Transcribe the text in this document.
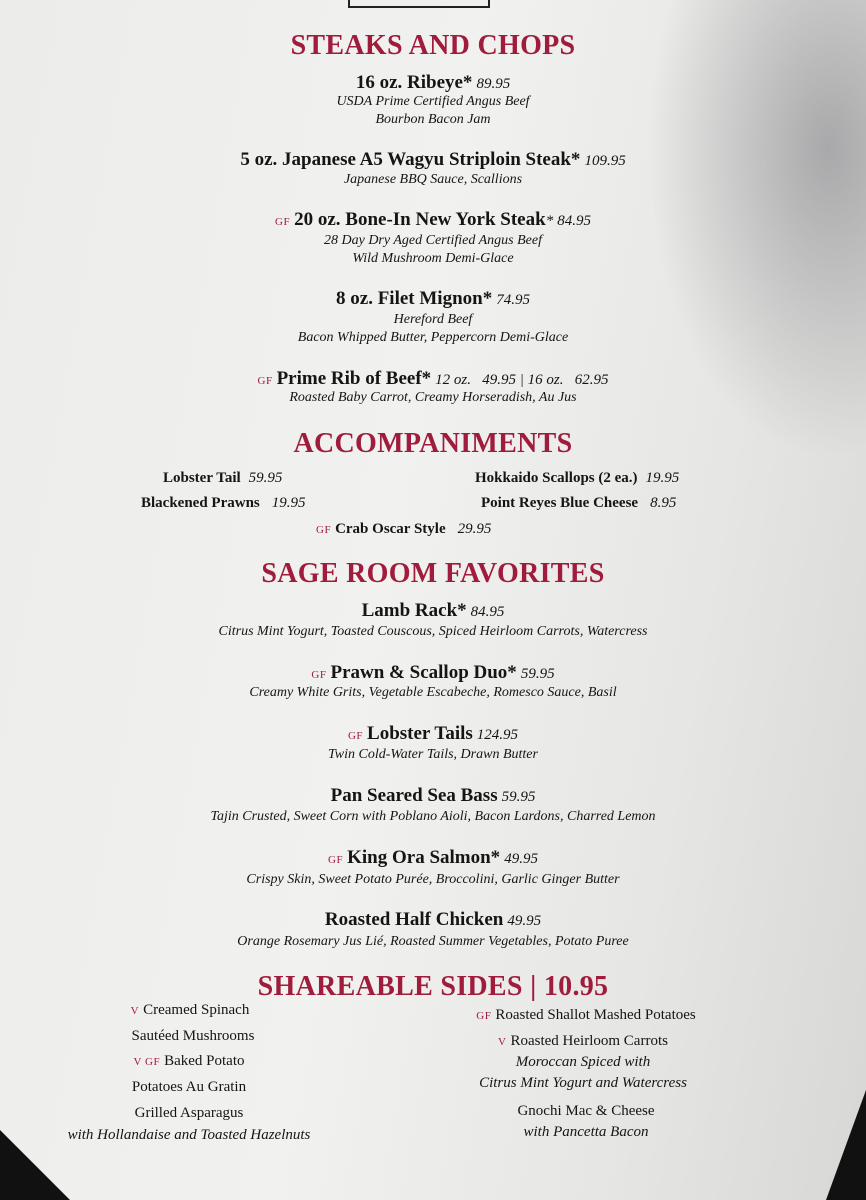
STEAKS AND CHOPS
16 oz. Ribeye* 89.95
USDA Prime Certified Angus Beef
Bourbon Bacon Jam
5 oz. Japanese A5 Wagyu Striploin Steak* 109.95
Japanese BBQ Sauce, Scallions
GF 20 oz. Bone-In New York Steak* 84.95
28 Day Dry Aged Certified Angus Beef
Wild Mushroom Demi-Glace
8 oz. Filet Mignon* 74.95
Hereford Beef
Bacon Whipped Butter, Peppercorn Demi-Glace
GF Prime Rib of Beef* 12 oz.   49.95 | 16 oz.   62.95
Roasted Baby Carrot, Creamy Horseradish, Au Jus
ACCOMPANIMENTS
Lobster Tail 59.95	Hokkaido Scallops (2 ea.) 19.95
Blackened Prawns 19.95	Point Reyes Blue Cheese 8.95
GF Crab Oscar Style 29.95
SAGE ROOM FAVORITES
Lamb Rack* 84.95
Citrus Mint Yogurt, Toasted Couscous, Spiced Heirloom Carrots, Watercress
GF Prawn & Scallop Duo* 59.95
Creamy White Grits, Vegetable Escabeche, Romesco Sauce, Basil
GF Lobster Tails 124.95
Twin Cold-Water Tails, Drawn Butter
Pan Seared Sea Bass 59.95
Tajin Crusted, Sweet Corn with Poblano Aioli, Bacon Lardons, Charred Lemon
GF King Ora Salmon* 49.95
Crispy Skin, Sweet Potato Purée, Broccolini, Garlic Ginger Butter
Roasted Half Chicken 49.95
Orange Rosemary Jus Lié, Roasted Summer Vegetables, Potato Puree
SHAREABLE SIDES | 10.95
V Creamed Spinach
Sautéed Mushrooms
V GF Baked Potato
Potatoes Au Gratin
Grilled Asparagus
with Hollandaise and Toasted Hazelnuts
GF Roasted Shallot Mashed Potatoes
V Roasted Heirloom Carrots
Moroccan Spiced with
Citrus Mint Yogurt and Watercress
Gnochi Mac & Cheese
with Pancetta Bacon
